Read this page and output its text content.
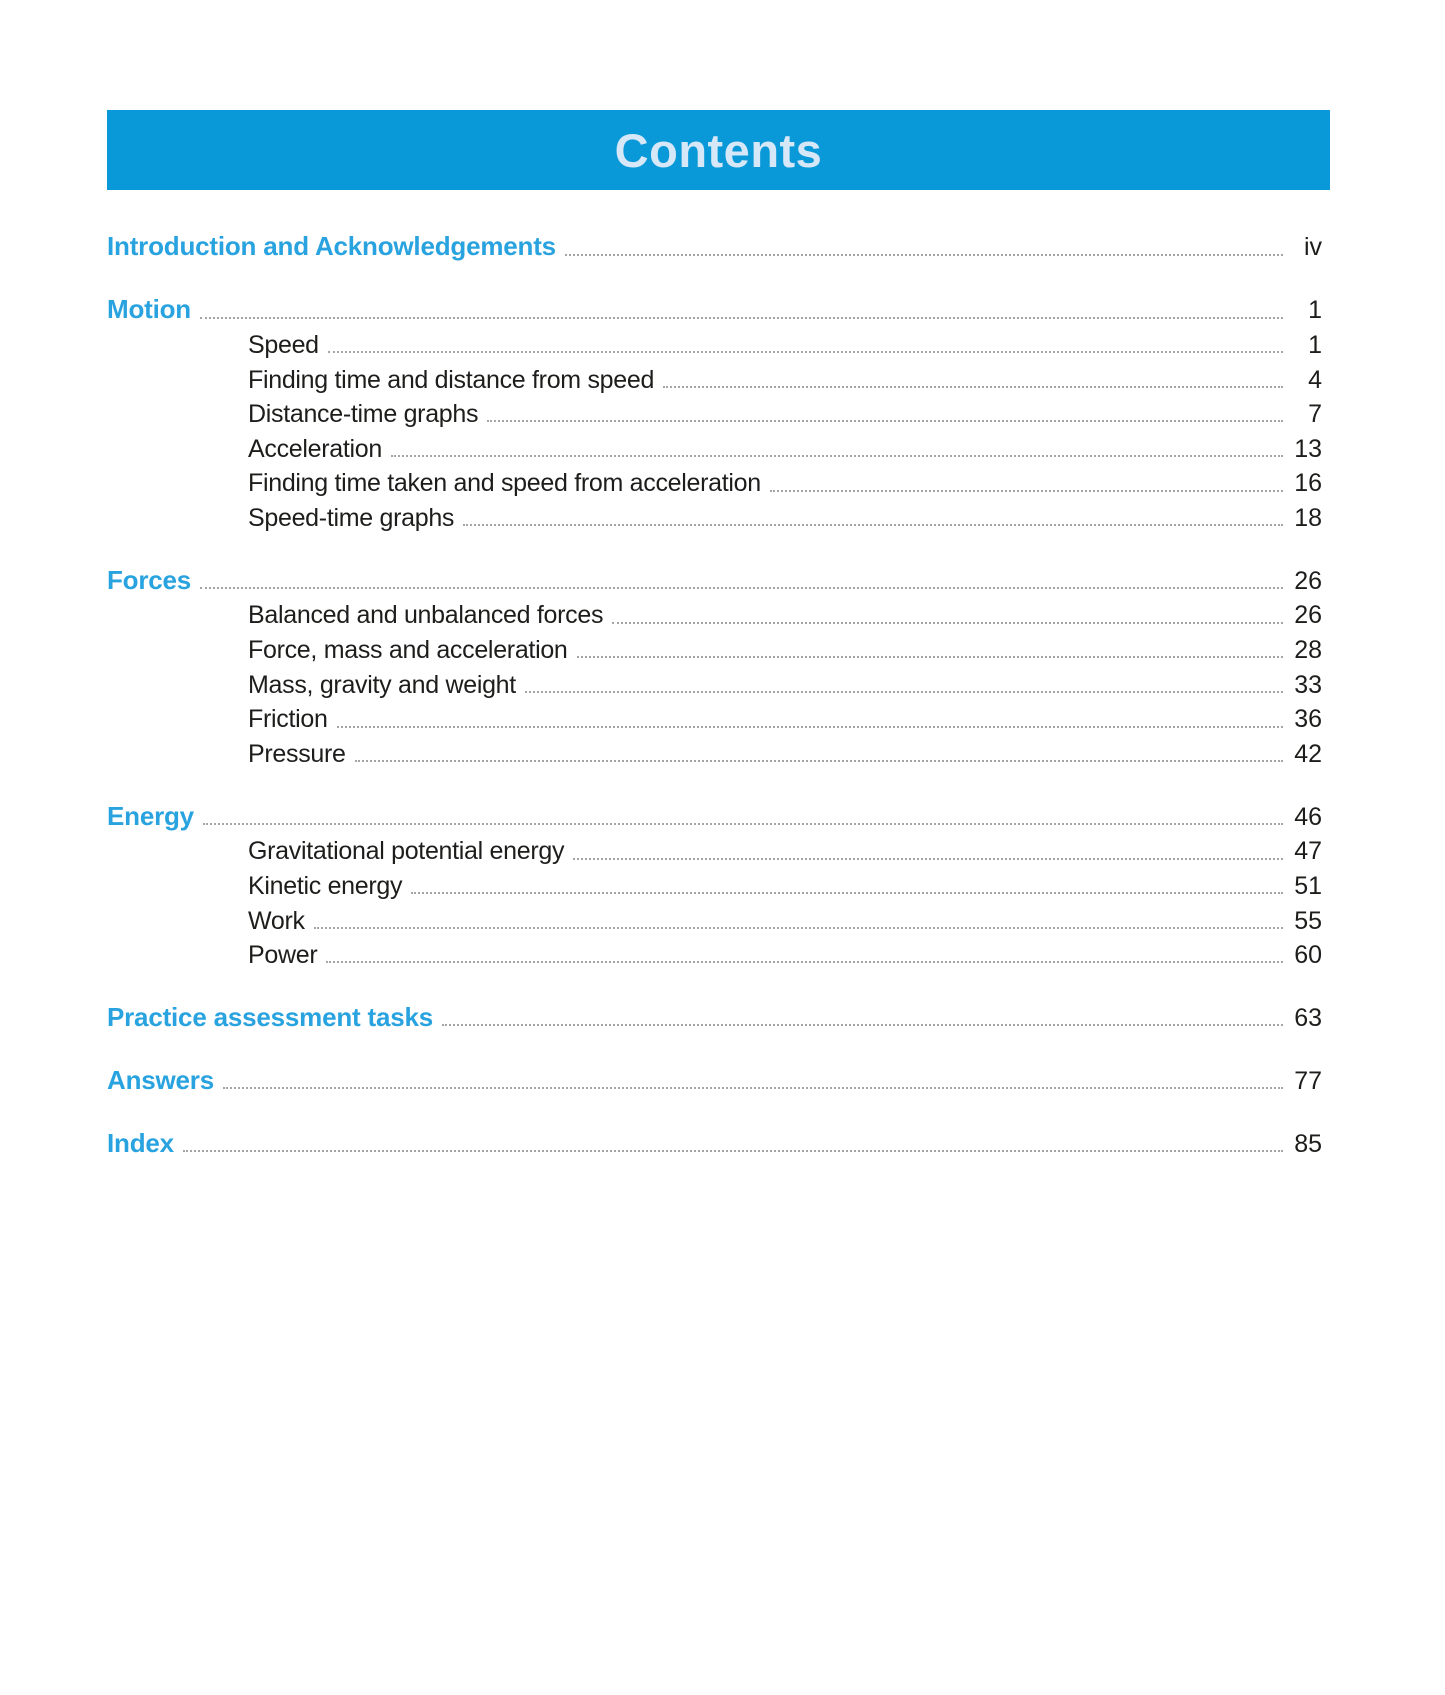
Contents
Introduction and Acknowledgements	iv
Motion	1
Speed	1
Finding time and distance from speed	4
Distance-time graphs	7
Acceleration	13
Finding time taken and speed from acceleration	16
Speed-time graphs	18
Forces	26
Balanced and unbalanced forces	26
Force, mass and acceleration	28
Mass, gravity and weight	33
Friction	36
Pressure	42
Energy	46
Gravitational potential energy	47
Kinetic energy	51
Work	55
Power	60
Practice assessment tasks	63
Answers	77
Index	85
